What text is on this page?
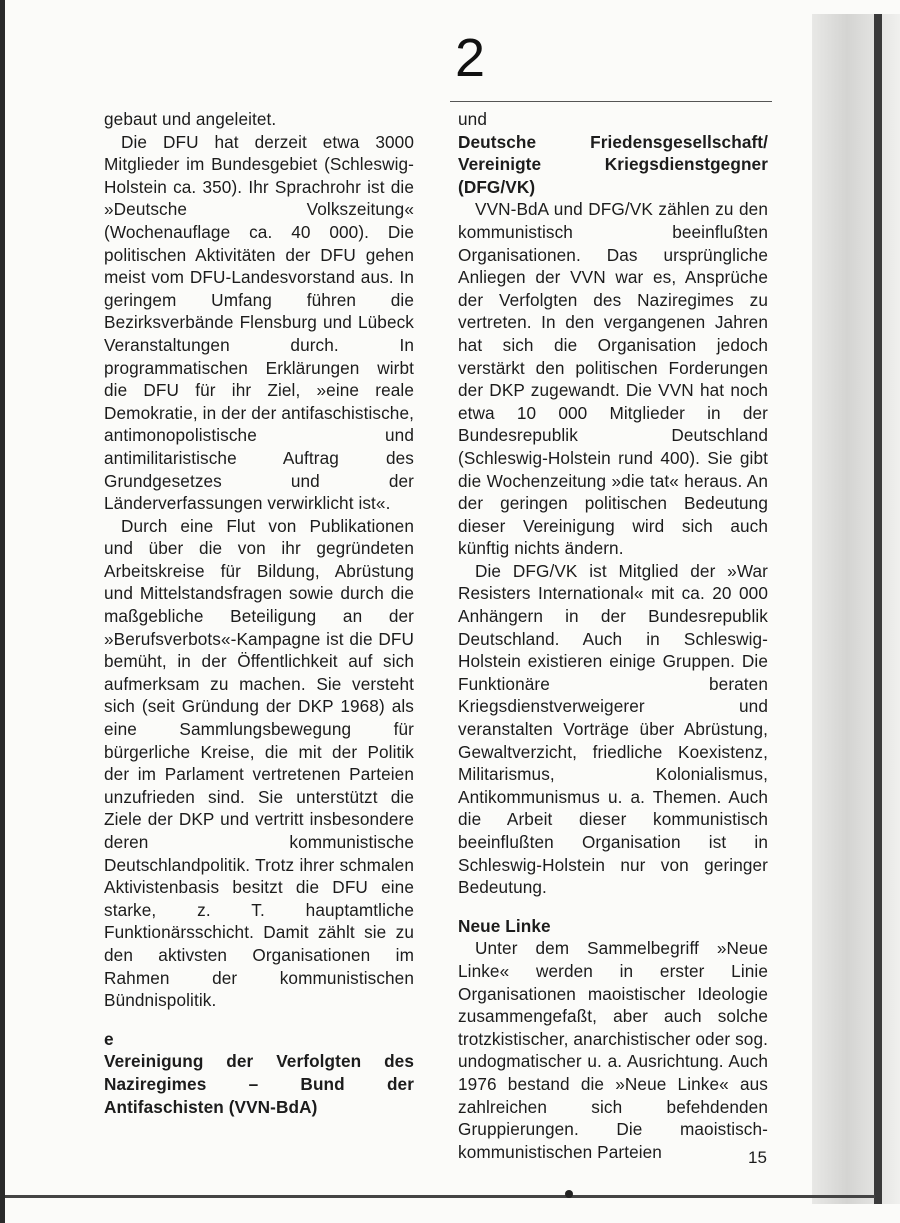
2

gebaut und angeleitet.

Die DFU hat derzeit etwa 3000 Mitglieder im Bundesgebiet (Schleswig-Holstein ca. 350). Ihr Sprachrohr ist die »Deutsche Volkszeitung« (Wochenauflage ca. 40 000). Die politischen Aktivitäten der DFU gehen meist vom DFU-Landesvorstand aus. In geringem Umfang führen die Bezirksverbände Flensburg und Lübeck Veranstaltungen durch. In programmatischen Erklärungen wirbt die DFU für ihr Ziel, »eine reale Demokratie, in der der antifaschistische, antimonopolistische und antimilitaristische Auftrag des Grundgesetzes und der Länderverfassungen verwirklicht ist«.

Durch eine Flut von Publikationen und über die von ihr gegründeten Arbeitskreise für Bildung, Abrüstung und Mittelstandsfragen sowie durch die maßgebliche Beteiligung an der »Berufsverbots«-Kampagne ist die DFU bemüht, in der Öffentlichkeit auf sich aufmerksam zu machen. Sie versteht sich (seit Gründung der DKP 1968) als eine Sammlungsbewegung für bürgerliche Kreise, die mit der Politik der im Parlament vertretenen Parteien unzufrieden sind. Sie unterstützt die Ziele der DKP und vertritt insbesondere deren kommunistische Deutschlandpolitik. Trotz ihrer schmalen Aktivistenbasis besitzt die DFU eine starke, z. T. hauptamtliche Funktionärsschicht. Damit zählt sie zu den aktivsten Organisationen im Rahmen der kommunistischen Bündnispolitik.

e

Vereinigung der Verfolgten des Naziregimes – Bund der Antifaschisten (VVN-BdA)

und

Deutsche Friedensgesellschaft/ Vereinigte Kriegsdienstgegner (DFG/VK)

VVN-BdA und DFG/VK zählen zu den kommunistisch beeinflußten Organisationen. Das ursprüngliche Anliegen der VVN war es, Ansprüche der Verfolgten des Naziregimes zu vertreten. In den vergangenen Jahren hat sich die Organisation jedoch verstärkt den politischen Forderungen der DKP zugewandt. Die VVN hat noch etwa 10 000 Mitglieder in der Bundesrepublik Deutschland (Schleswig-Holstein rund 400). Sie gibt die Wochenzeitung »die tat« heraus. An der geringen politischen Bedeutung dieser Vereinigung wird sich auch künftig nichts ändern.

Die DFG/VK ist Mitglied der »War Resisters International« mit ca. 20 000 Anhängern in der Bundesrepublik Deutschland. Auch in Schleswig-Holstein existieren einige Gruppen. Die Funktionäre beraten Kriegsdienstverweigerer und veranstalten Vorträge über Abrüstung, Gewaltverzicht, friedliche Koexistenz, Militarismus, Kolonialismus, Antikommunismus u. a. Themen. Auch die Arbeit dieser kommunistisch beeinflußten Organisation ist in Schleswig-Holstein nur von geringer Bedeutung.

Neue Linke

Unter dem Sammelbegriff »Neue Linke« werden in erster Linie Organisationen maoistischer Ideologie zusammengefaßt, aber auch solche trotzkistischer, anarchistischer oder sog. undogmatischer u. a. Ausrichtung. Auch 1976 bestand die »Neue Linke« aus zahlreichen sich befehdenden Gruppierungen. Die maoistisch-kommunistischen Parteien	15
